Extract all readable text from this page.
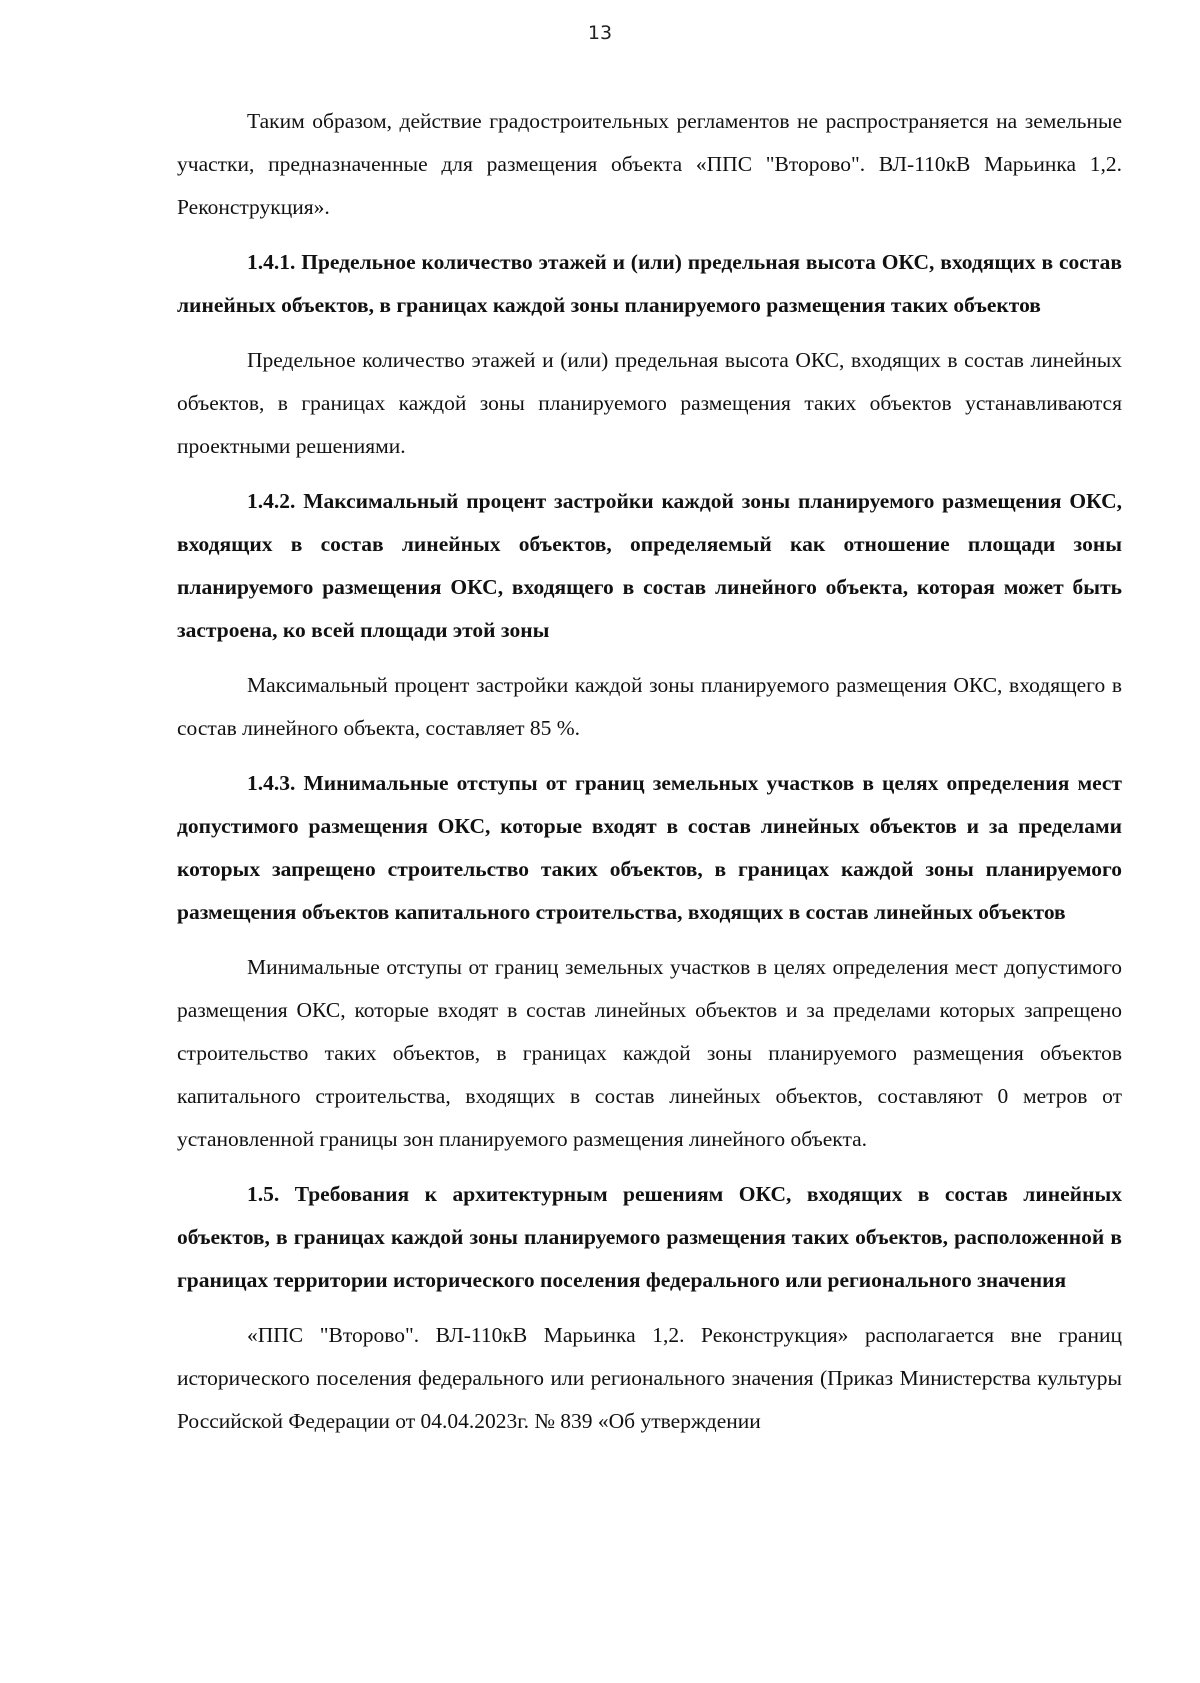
13

Таким образом, действие градостроительных регламентов не распространяется на земельные участки, предназначенные для размещения объекта «ППС "Второво". ВЛ-110кВ Марьинка 1,2. Реконструкция».

1.4.1. Предельное количество этажей и (или) предельная высота ОКС, входящих в состав линейных объектов, в границах каждой зоны планируемого размещения таких объектов

Предельное количество этажей и (или) предельная высота ОКС, входящих в состав линейных объектов, в границах каждой зоны планируемого размещения таких объектов устанавливаются проектными решениями.

1.4.2. Максимальный процент застройки каждой зоны планируемого размещения ОКС, входящих в состав линейных объектов, определяемый как отношение площади зоны планируемого размещения ОКС, входящего в состав линейного объекта, которая может быть застроена, ко всей площади этой зоны

Максимальный процент застройки каждой зоны планируемого размещения ОКС, входящего в состав линейного объекта, составляет 85 %.

1.4.3. Минимальные отступы от границ земельных участков в целях определения мест допустимого размещения ОКС, которые входят в состав линейных объектов и за пределами которых запрещено строительство таких объектов, в границах каждой зоны планируемого размещения объектов капитального строительства, входящих в состав линейных объектов

Минимальные отступы от границ земельных участков в целях определения мест допустимого размещения ОКС, которые входят в состав линейных объектов и за пределами которых запрещено строительство таких объектов, в границах каждой зоны планируемого размещения объектов капитального строительства, входящих в состав линейных объектов, составляют 0 метров от установленной границы зон планируемого размещения линейного объекта.

1.5. Требования к архитектурным решениям ОКС, входящих в состав линейных объектов, в границах каждой зоны планируемого размещения таких объектов, расположенной в границах территории исторического поселения федерального или регионального значения

«ППС "Второво". ВЛ-110кВ Марьинка 1,2. Реконструкция» располагается вне границ исторического поселения федерального или регионального значения (Приказ Министерства культуры Российской Федерации от 04.04.2023г. № 839 «Об утверждении
